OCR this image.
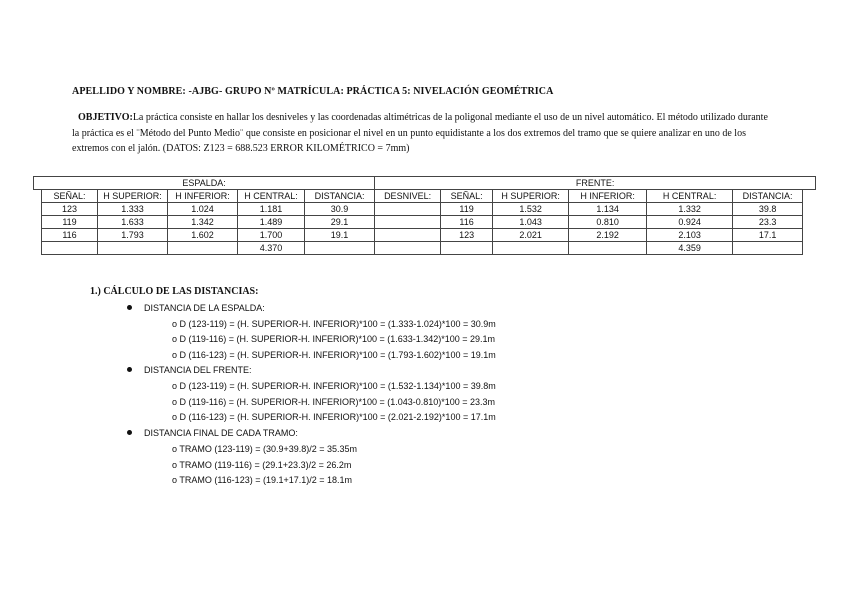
APELLIDO Y NOMBRE: -AJBG- GRUPO Nº MATRÍCULA: PRÁCTICA 5: NIVELACIÓN GEOMÉTRICA
OBJETIVO:La práctica consiste en hallar los desniveles y las coordenadas altimétricas de la poligonal mediante el uso de un nivel automático. El método utilizado durante la práctica es el ¨Método del Punto Medio¨ que consiste en posicionar el nivel en un punto equidistante a los dos extremos del tramo que se quiere analizar en uno de los extremos con el jalón. (DATOS: Z123 = 688.523 ERROR KILOMÉTRICO = 7mm)
ESPALDA:						FRENTE:						
	SEÑAL:	H SUPERIOR:	H INFERIOR:	H CENTRAL:	DISTANCIA:	DESNIVEL:	SEÑAL:	H SUPERIOR:	H INFERIOR:	H CENTRAL:	DISTANCIA:	
	123	1.333	1.024	1.181	30.9		119	1.532	1.134	1.332	39.8	
	119	1.633	1.342	1.489	29.1		116	1.043	0.810	0.924	23.3	
	116	1.793	1.602	1.700	19.1		123	2.021	2.192	2.103	17.1	
				4.370						4.359		
1.) CÁLCULO DE LAS DISTANCIAS:
DISTANCIA DE LA ESPALDA:
o D (123-119) = (H. SUPERIOR-H. INFERIOR)*100 = (1.333-1.024)*100 = 30.9m
o D (119-116) = (H. SUPERIOR-H. INFERIOR)*100 = (1.633-1.342)*100 = 29.1m
o D (116-123) = (H. SUPERIOR-H. INFERIOR)*100 = (1.793-1.602)*100 = 19.1m
DISTANCIA DEL FRENTE:
o D (123-119) = (H. SUPERIOR-H. INFERIOR)*100 = (1.532-1.134)*100 = 39.8m
o D (119-116) = (H. SUPERIOR-H. INFERIOR)*100 = (1.043-0.810)*100 = 23.3m
o D (116-123) = (H. SUPERIOR-H. INFERIOR)*100 = (2.021-2.192)*100 = 17.1m
DISTANCIA FINAL DE CADA TRAMO:
o TRAMO (123-119) = (30.9+39.8)/2 = 35.35m
o TRAMO (119-116) = (29.1+23.3)/2 = 26.2m
o TRAMO (116-123) = (19.1+17.1)/2 = 18.1m
